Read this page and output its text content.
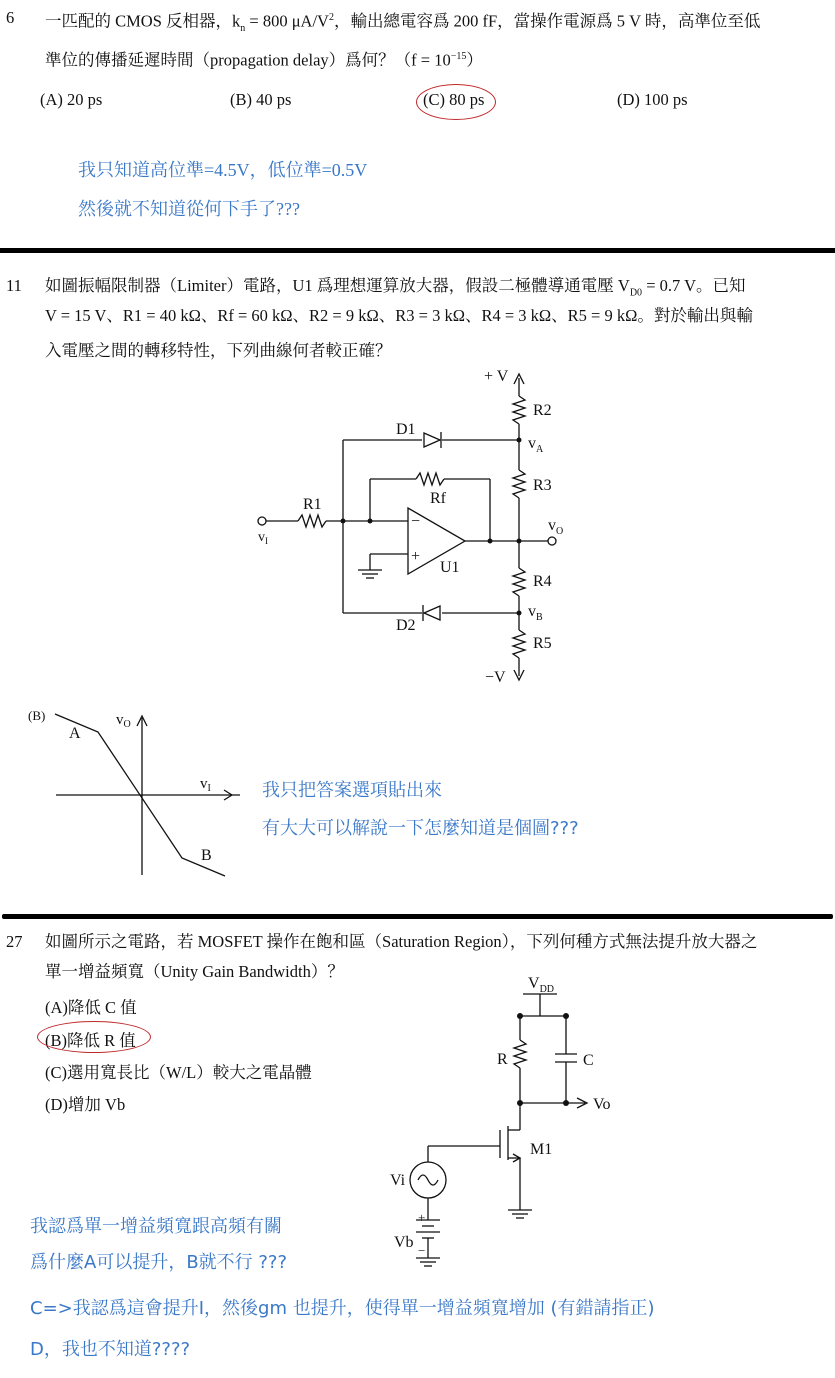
6 一匹配的 CMOS 反相器，$k_n = 800$ $\mu A/V^2$，輸出總電容爲 200 fF，當操作電源爲 5 V 時，高準位至低
準位的傳播延遲時間（propagation delay）爲何？$(f = 10^{-15})$
(A) 20 ps	(B) 40 ps	(C) 80 ps	(D) 100 ps
我只知道高位準=4.5V，低位準=0.5V
然後就不知道從何下手了???
11 如圖振幅限制器（Limiter）電路，U1 爲理想運算放大器，假設二極體導通電壓 $V_{D0} = 0.7$ V。已知
V = 15 V、R1 = 40 kΩ、Rf = 60 kΩ、R2 = 9 kΩ、R3 = 3 kΩ、R4 = 3 kΩ、R5 = 9 kΩ。對於輸出與輸
入電壓之間的轉移特性，下列曲線何者較正確？
+ V
R2
$v_A$
R3
D1
Rf
R1
$v_I$
$v_O$
−
+
U1
R4
$v_B$
D2
R5
−V
(B)	$v_O$
$v_I$
A
B
我只把答案選項貼出來
有大大可以解說一下怎麼知道是個圖???
27 如圖所示之電路，若 MOSFET 操作在飽和區（Saturation Region），下列何種方式無法提升放大器之
單一增益頻寬（Unity Gain Bandwidth）？
(A)降低 C 值
(B)降低 R 值
(C)選用寬長比（W/L）較大之電晶體
(D)增加 Vb
$V_{DD}$
R	C
Vo
M1
Vi
+
Vb −
我認爲單一增益頻寬跟高頻有關
爲什麼A可以提升，B就不行 ???
C=>我認爲這會提升I，然後gm 也提升，使得單一增益頻寬增加 (有錯請指正)
D，我也不知道????
